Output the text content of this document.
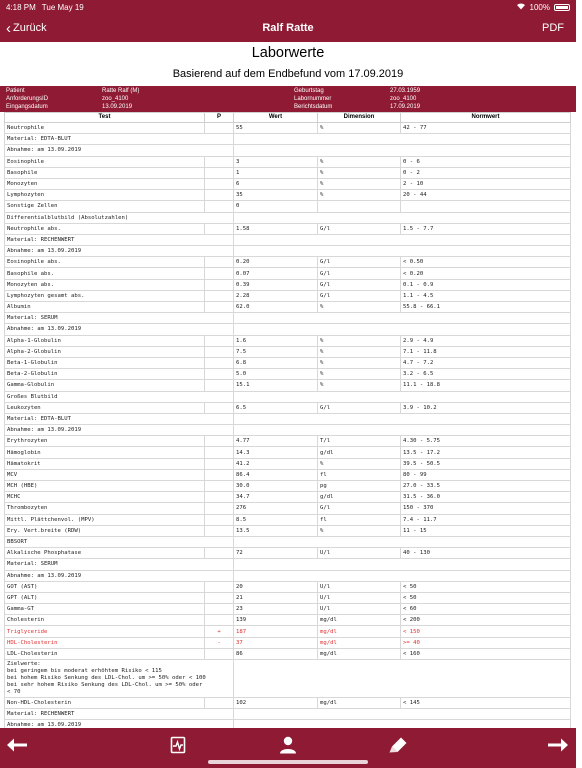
4:18 PM Tue May 19	100%
‹ Zurück	Ralf Ratte	PDF
Laborwerte
Basierend auf dem Endbefund vom 17.09.2019
Patient	Ratte Ralf (M)	Geburtstag	27.03.1959
AnforderungsID	zoo_4100	Labornummer	zoo_4100
Eingangsdatum	13.09.2019	Berichtsdatum	17.09.2019
Test	P	Wert	Dimension	Normwert
Neutrophile		55	%	42 - 77
Material: EDTA-BLUT				
Abnahme: am 13.09.2019				
Eosinophile		3	%	0 - 6
Basophile		1	%	0 - 2
Monozyten		6	%	2 - 10
Lymphozyten		35	%	20 - 44
Sonstige Zellen		0		
Differentialblutbild (Absolutzahlen)				
Neutrophile abs.		1.58	G/l	1.5 - 7.7
Material: RECHENWERT				
Abnahme: am 13.09.2019				
Eosinophile abs.		0.20	G/l	< 0.50
Basophile abs.		0.07	G/l	< 0.20
Monozyten abs.		0.39	G/l	0.1 - 0.9
Lymphozyten gesamt abs.		2.28	G/l	1.1 - 4.5
Albumin		62.0	%	55.8 - 66.1
Material: SERUM				
Abnahme: am 13.09.2019				
Alpha-1-Globulin		1.6	%	2.9 - 4.9
Alpha-2-Globulin		7.5	%	7.1 - 11.8
Beta-1-Globulin		6.8	%	4.7 - 7.2
Beta-2-Globulin		5.0	%	3.2 - 6.5
Gamma-Globulin		15.1	%	11.1 - 18.8
Großes Blutbild				
Leukozyten		6.5	G/l	3.9 - 10.2
Material: EDTA-BLUT				
Abnahme: am 13.09.2019				
Erythrozyten		4.77	T/l	4.30 - 5.75
Hämoglobin		14.3	g/dl	13.5 - 17.2
Hämatokrit		41.2	%	39.5 - 50.5
MCV		86.4	fl	80 - 99
MCH (HBE)		30.0	pg	27.0 - 33.5
MCHC		34.7	g/dl	31.5 - 36.0
Thrombozyten		276	G/l	150 - 370
Mittl. Plättchenvol. (MPV)		8.5	fl	7.4 - 11.7
Ery. Vert.breite (RDW)		13.5	%	11 - 15
BBSORT				
Alkalische Phosphatase		72	U/l	40 - 130
Material: SERUM				
Abnahme: am 13.09.2019				
GOT (AST)		20	U/l	< 50
GPT (ALT)		21	U/l	< 50
Gamma-GT		23	U/l	< 60
Cholesterin		139	mg/dl	< 200
Triglyceride	+	187	mg/dl	< 150
HDL-Cholesterin	-	37	mg/dl	>= 40
LDL-Cholesterin		86	mg/dl	< 160
Zielwerte:
bei geringem bis moderat erhöhtem Risiko < 115
bei hohem Risiko Senkung des LDL-Chol. um >= 50% oder < 100
bei sehr hohem Risiko Senkung des LDL-Chol. um >= 50% oder
< 70				
Non-HDL-Cholesterin		102	mg/dl	< 145
Material: RECHENWERT				
Abnahme: am 13.09.2019				
